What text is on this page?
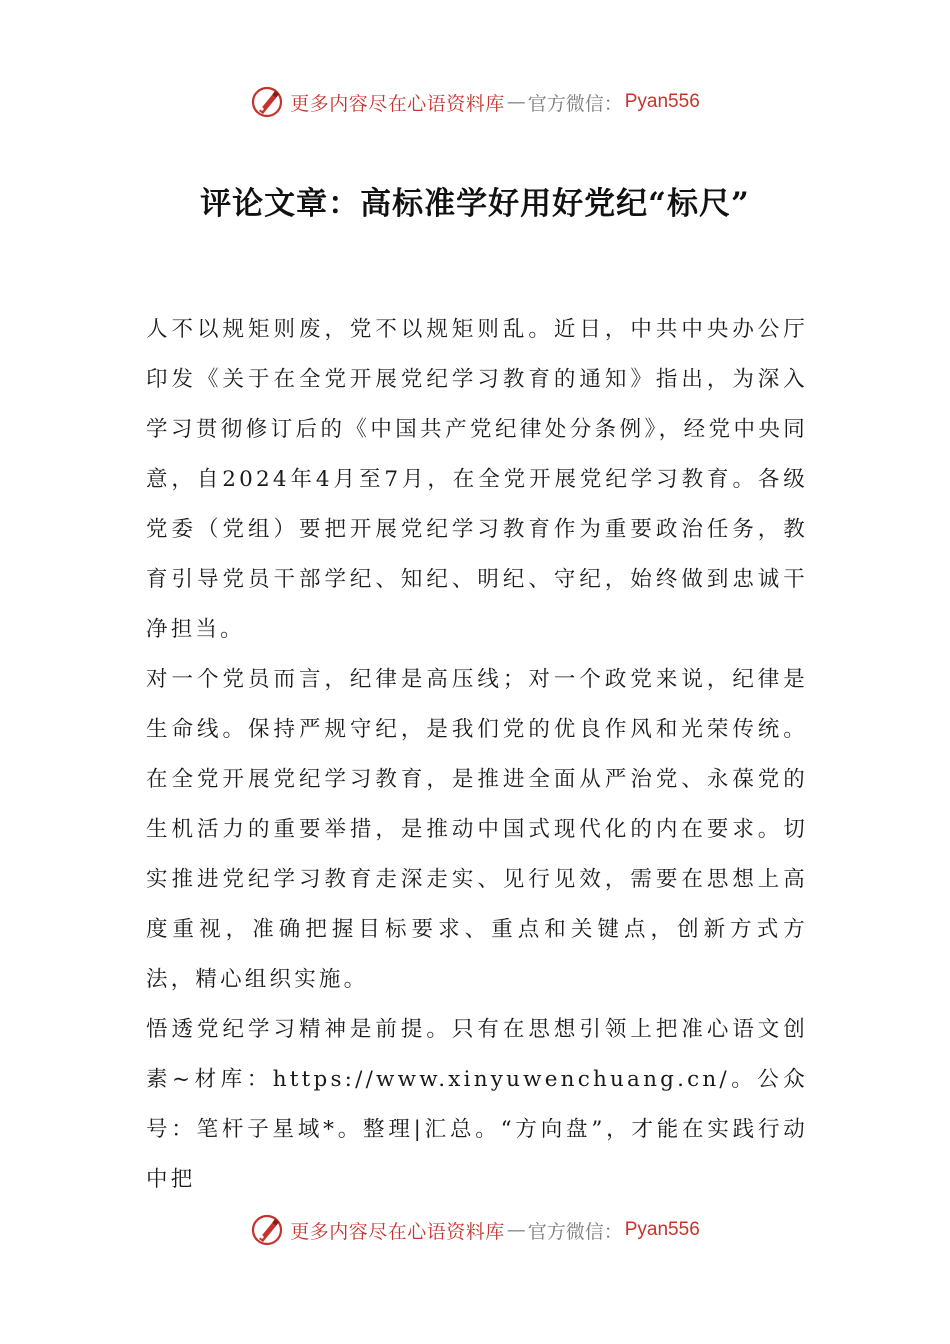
更多内容尽在心语资料库 — 官方微信： Pyan556
评论文章：高标准学好用好党纪“标尺”

人不以规矩则废，党不以规矩则乱。近日，中共中央办公厅印发《关于在全党开展党纪学习教育的通知》指出，为深入学习贯彻修订后的《中国共产党纪律处分条例》，经党中央同意，自2024年4月至7月，在全党开展党纪学习教育。各级党委（党组）要把开展党纪学习教育作为重要政治任务，教育引导党员干部学纪、知纪、明纪、守纪，始终做到忠诚干净担当。

对一个党员而言，纪律是高压线；对一个政党来说，纪律是生命线。保持严规守纪，是我们党的优良作风和光荣传统。在全党开展党纪学习教育，是推进全面从严治党、永葆党的生机活力的重要举措，是推动中国式现代化的内在要求。切实推进党纪学习教育走深走实、见行见效，需要在思想上高度重视，准确把握目标要求、重点和关键点，创新方式方法，精心组织实施。

悟透党纪学习精神是前提。只有在思想引领上把准心语文创素~材库：https://www.xinyuwenchuang.cn/。公众号：笔杆子星域*。整理|汇总。“方向盘”，才能在实践行动中把

更多内容尽在心语资料库 — 官方微信： Pyan556
